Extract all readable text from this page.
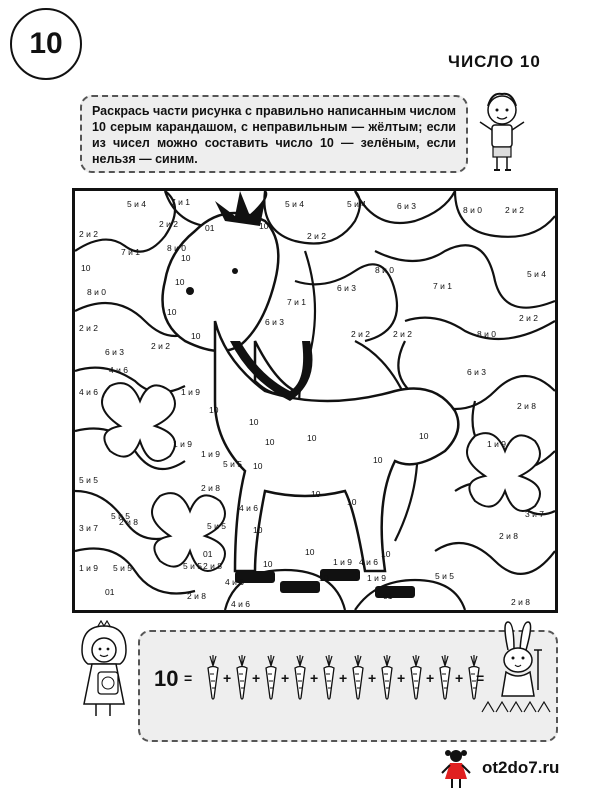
10
ЧИСЛО 10
Раскрась части рисунка с правильно написанным числом 10 серым карандашом, с неправильным — жёлтым; если из чисел можно составить число 10 — зелёным, если нельзя — синим.
5 и 4	7 и 1	5 и 4	5 и 4	6 и 3	8 и 0	2 и 2
2 и 2
2 и 2
8 и 0
01	10
2 и 2
10
7 и 1
10
8 и 0	5 и 4
8 и 0
10
6 и 3	7 и 1
10
7 и 1
2 и 2
2 и 2
10	2 и 2
6 и 3
2 и 2
6 и 3
2 и 2	8 и 0
4 и 6
1 и 9
6 и 3
2 и 8
10
4 и 6
1 и 9
10
10	10
1 и 9
1 и 9
10
10
5 и 5
5 и 5
5 и 5
2 и 8
10
10
10
3 и 7
3 и 7
2 и 8
4 и 6
5 и 5
10
2 и 8
5 и 5
01
10
10	10
4 и 6
1 и 9 5 и 5	2 и 8
4 и 6	10
1 и 9
1 и 9	5 и 5
01	2 и 8
4 и 6
01
2 и 8
10 = + + + + + + + + + =
ot2do7.ru
